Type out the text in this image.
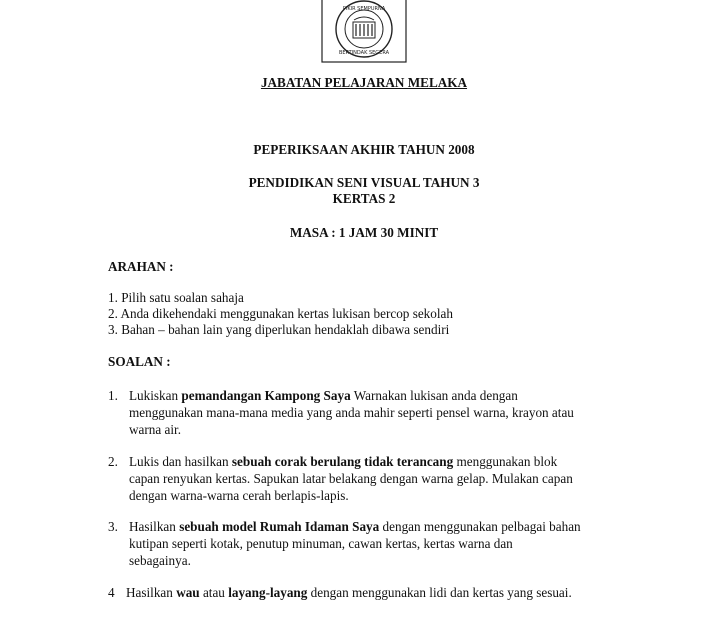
PIKIR SEMPURNA
BERTINDAK SEGERA
JABATAN PELAJARAN MELAKA
PEPERIKSAAN AKHIR TAHUN 2008
PENDIDIKAN SENI VISUAL TAHUN 3
KERTAS 2
MASA : 1 JAM 30 MINIT
ARAHAN :
1. Pilih satu soalan sahaja
2. Anda dikehendaki menggunakan kertas lukisan bercop sekolah
3. Bahan – bahan lain yang diperlukan hendaklah dibawa sendiri
SOALAN :
1. Lukiskan pemandangan Kampong Saya Warnakan lukisan anda dengan
menggunakan mana-mana media yang anda mahir seperti pensel warna, krayon atau
warna air.
2. Lukis dan hasilkan sebuah corak berulang tidak terancang menggunakan blok
capan renyukan kertas. Sapukan latar belakang dengan warna gelap. Mulakan capan
dengan warna-warna cerah berlapis-lapis.
3. Hasilkan sebuah model Rumah Idaman Saya dengan menggunakan pelbagai bahan
kutipan seperti kotak, penutup minuman, cawan kertas, kertas warna dan
sebagainya.
4 Hasilkan wau atau layang-layang dengan menggunakan lidi dan kertas yang sesuai.
